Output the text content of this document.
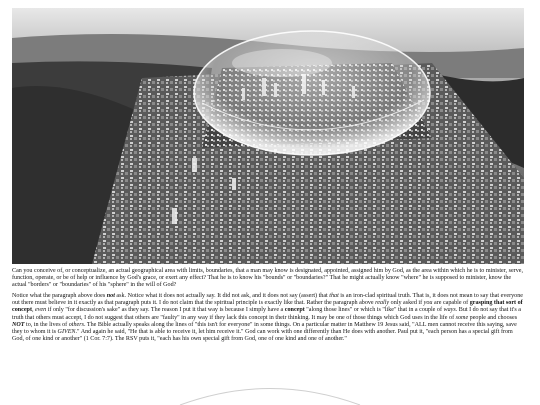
Can you conceive of, or conceptualize, an actual geographical area with limits, boundaries, that a man may know is designated, appointed, assigned him by God, as the area within which he is to minister, serve, function, operate, or be of help or influence by God's grace, or exert any effect? That he is to know his "bounds" or "boundaries?" That he might actually know "where" he is supposed to minister, know the actual "borders" or "boundaries" of his "sphere" in the will of God?

Notice what the paragraph above does not ask. Notice what it does not actually say. It did not ask, and it does not say (assert) that that is an iron-clad spiritual truth. That is, it does not mean to say that everyone out there must believe in it exactly as that paragraph puts it. I do not claim that the spiritual principle is exactly like that. Rather the paragraph above really only asked if you are capable of grasping that sort of concept, even if only "for discussion's sake" as they say. The reason I put it that way is because I simply have a concept "along those lines" or which is "like" that in a couple of ways. But I do not say that it's a truth that others must accept, I do not suggest that others are "faulty" in any way if they lack this concept in their thinking. It may be one of those things which God uses in the life of some people and chooses NOT to, in the lives of others. The Bible actually speaks along the lines of "this isn't for everyone" in some things. On a particular matter in Matthew 19 Jesus said, "ALL men cannot receive this saying, save they to whom it is GIVEN." And again he said, "He that is able to receive it, let him receive it." God can work with one differently than He does with another. Paul put it, "each person has a special gift from God, of one kind or another" (1 Cor. 7:7). The RSV puts it, "each has his own special gift from God, one of one kind and one of another."
